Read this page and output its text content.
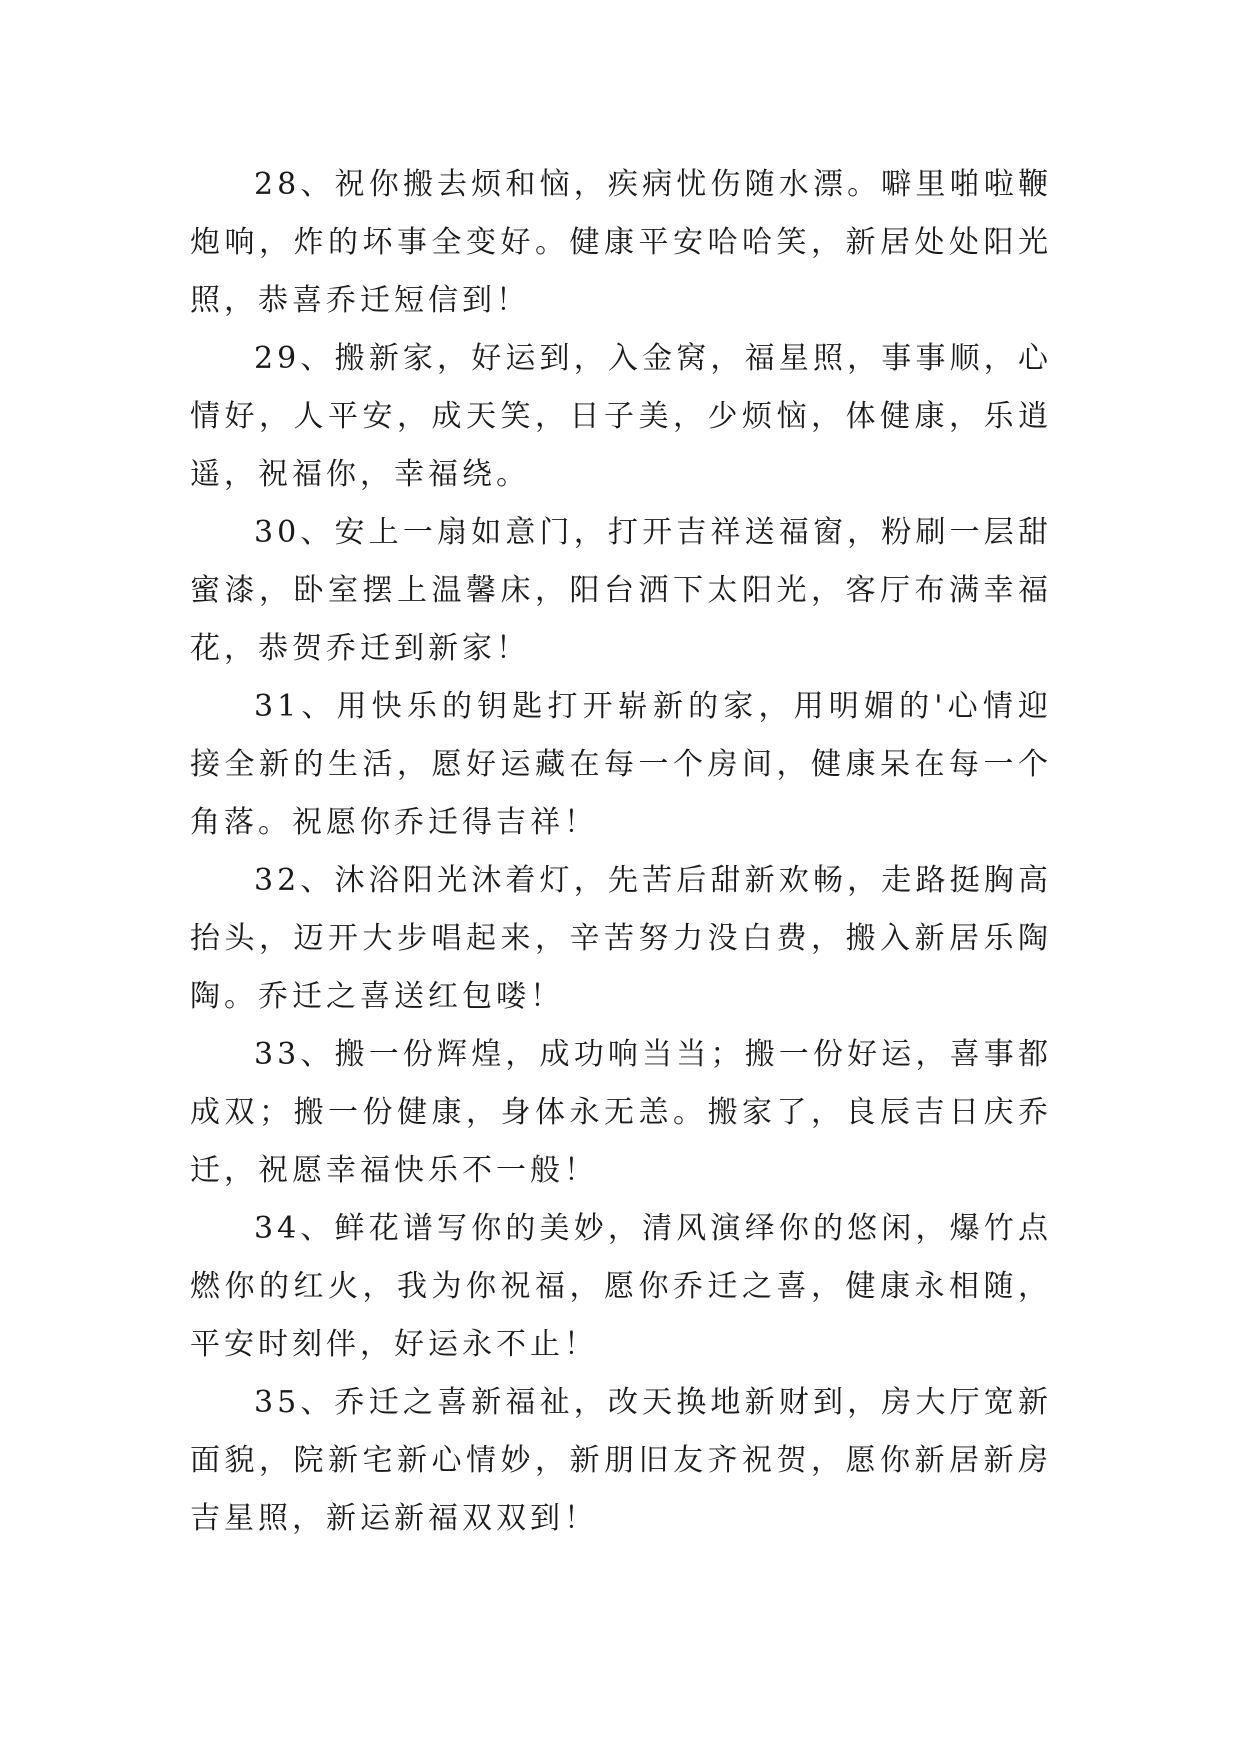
28、祝你搬去烦和恼，疾病忧伤随水漂。噼里啪啦鞭炮响，炸的坏事全变好。健康平安哈哈笑，新居处处阳光照，恭喜乔迁短信到！

29、搬新家，好运到，入金窝，福星照，事事顺，心情好，人平安，成天笑，日子美，少烦恼，体健康，乐逍遥，祝福你，幸福绕。

30、安上一扇如意门，打开吉祥送福窗，粉刷一层甜蜜漆，卧室摆上温馨床，阳台洒下太阳光，客厅布满幸福花，恭贺乔迁到新家！

31、用快乐的钥匙打开崭新的家，用明媚的'心情迎接全新的生活，愿好运藏在每一个房间，健康呆在每一个角落。祝愿你乔迁得吉祥！

32、沐浴阳光沐着灯，先苦后甜新欢畅，走路挺胸高抬头，迈开大步唱起来，辛苦努力没白费，搬入新居乐陶陶。乔迁之喜送红包喽！

33、搬一份辉煌，成功响当当；搬一份好运，喜事都成双；搬一份健康，身体永无恙。搬家了，良辰吉日庆乔迁，祝愿幸福快乐不一般！

34、鲜花谱写你的美妙，清风演绎你的悠闲，爆竹点燃你的红火，我为你祝福，愿你乔迁之喜，健康永相随，平安时刻伴，好运永不止！

35、乔迁之喜新福祉，改天换地新财到，房大厅宽新面貌，院新宅新心情妙，新朋旧友齐祝贺，愿你新居新房吉星照，新运新福双双到！
